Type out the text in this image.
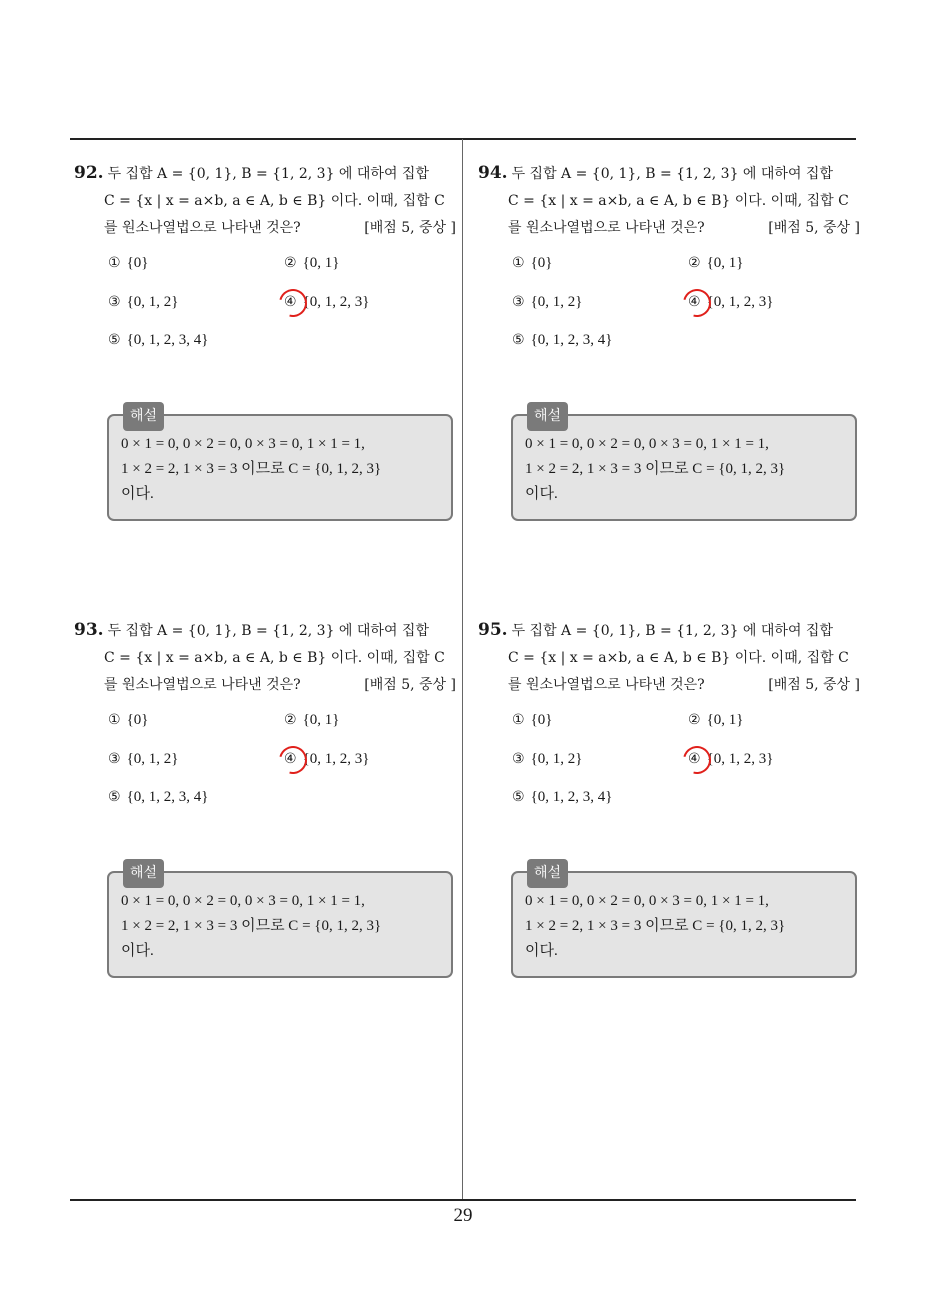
92. 두 집합 A = {0, 1}, B = {1, 2, 3} 에 대하여 집합
C = {x | x = a×b, a ∈ A, b ∈ B} 이다. 이때, 집합 C
를 원소나열법으로 나타낸 것은?	[배점 5, 중상 ]
① {0}	② {0, 1}
③ {0, 1, 2}	④ {0, 1, 2, 3}
⑤ {0, 1, 2, 3, 4}
해설
0 × 1 = 0, 0 × 2 = 0, 0 × 3 = 0, 1 × 1 = 1,
1 × 2 = 2, 1 × 3 = 3 이므로 C = {0, 1, 2, 3}
이다.
93. 두 집합 A = {0, 1}, B = {1, 2, 3} 에 대하여 집합
C = {x | x = a×b, a ∈ A, b ∈ B} 이다. 이때, 집합 C
를 원소나열법으로 나타낸 것은?	[배점 5, 중상 ]
① {0}	② {0, 1}
③ {0, 1, 2}	④ {0, 1, 2, 3}
⑤ {0, 1, 2, 3, 4}
해설
0 × 1 = 0, 0 × 2 = 0, 0 × 3 = 0, 1 × 1 = 1,
1 × 2 = 2, 1 × 3 = 3 이므로 C = {0, 1, 2, 3}
이다.
94. 두 집합 A = {0, 1}, B = {1, 2, 3} 에 대하여 집합
C = {x | x = a×b, a ∈ A, b ∈ B} 이다. 이때, 집합 C
를 원소나열법으로 나타낸 것은?	[배점 5, 중상 ]
① {0}	② {0, 1}
③ {0, 1, 2}	④ {0, 1, 2, 3}
⑤ {0, 1, 2, 3, 4}
해설
0 × 1 = 0, 0 × 2 = 0, 0 × 3 = 0, 1 × 1 = 1,
1 × 2 = 2, 1 × 3 = 3 이므로 C = {0, 1, 2, 3}
이다.
95. 두 집합 A = {0, 1}, B = {1, 2, 3} 에 대하여 집합
C = {x | x = a×b, a ∈ A, b ∈ B} 이다. 이때, 집합 C
를 원소나열법으로 나타낸 것은?	[배점 5, 중상 ]
① {0}	② {0, 1}
③ {0, 1, 2}	④ {0, 1, 2, 3}
⑤ {0, 1, 2, 3, 4}
해설
0 × 1 = 0, 0 × 2 = 0, 0 × 3 = 0, 1 × 1 = 1,
1 × 2 = 2, 1 × 3 = 3 이므로 C = {0, 1, 2, 3}
이다.
29
